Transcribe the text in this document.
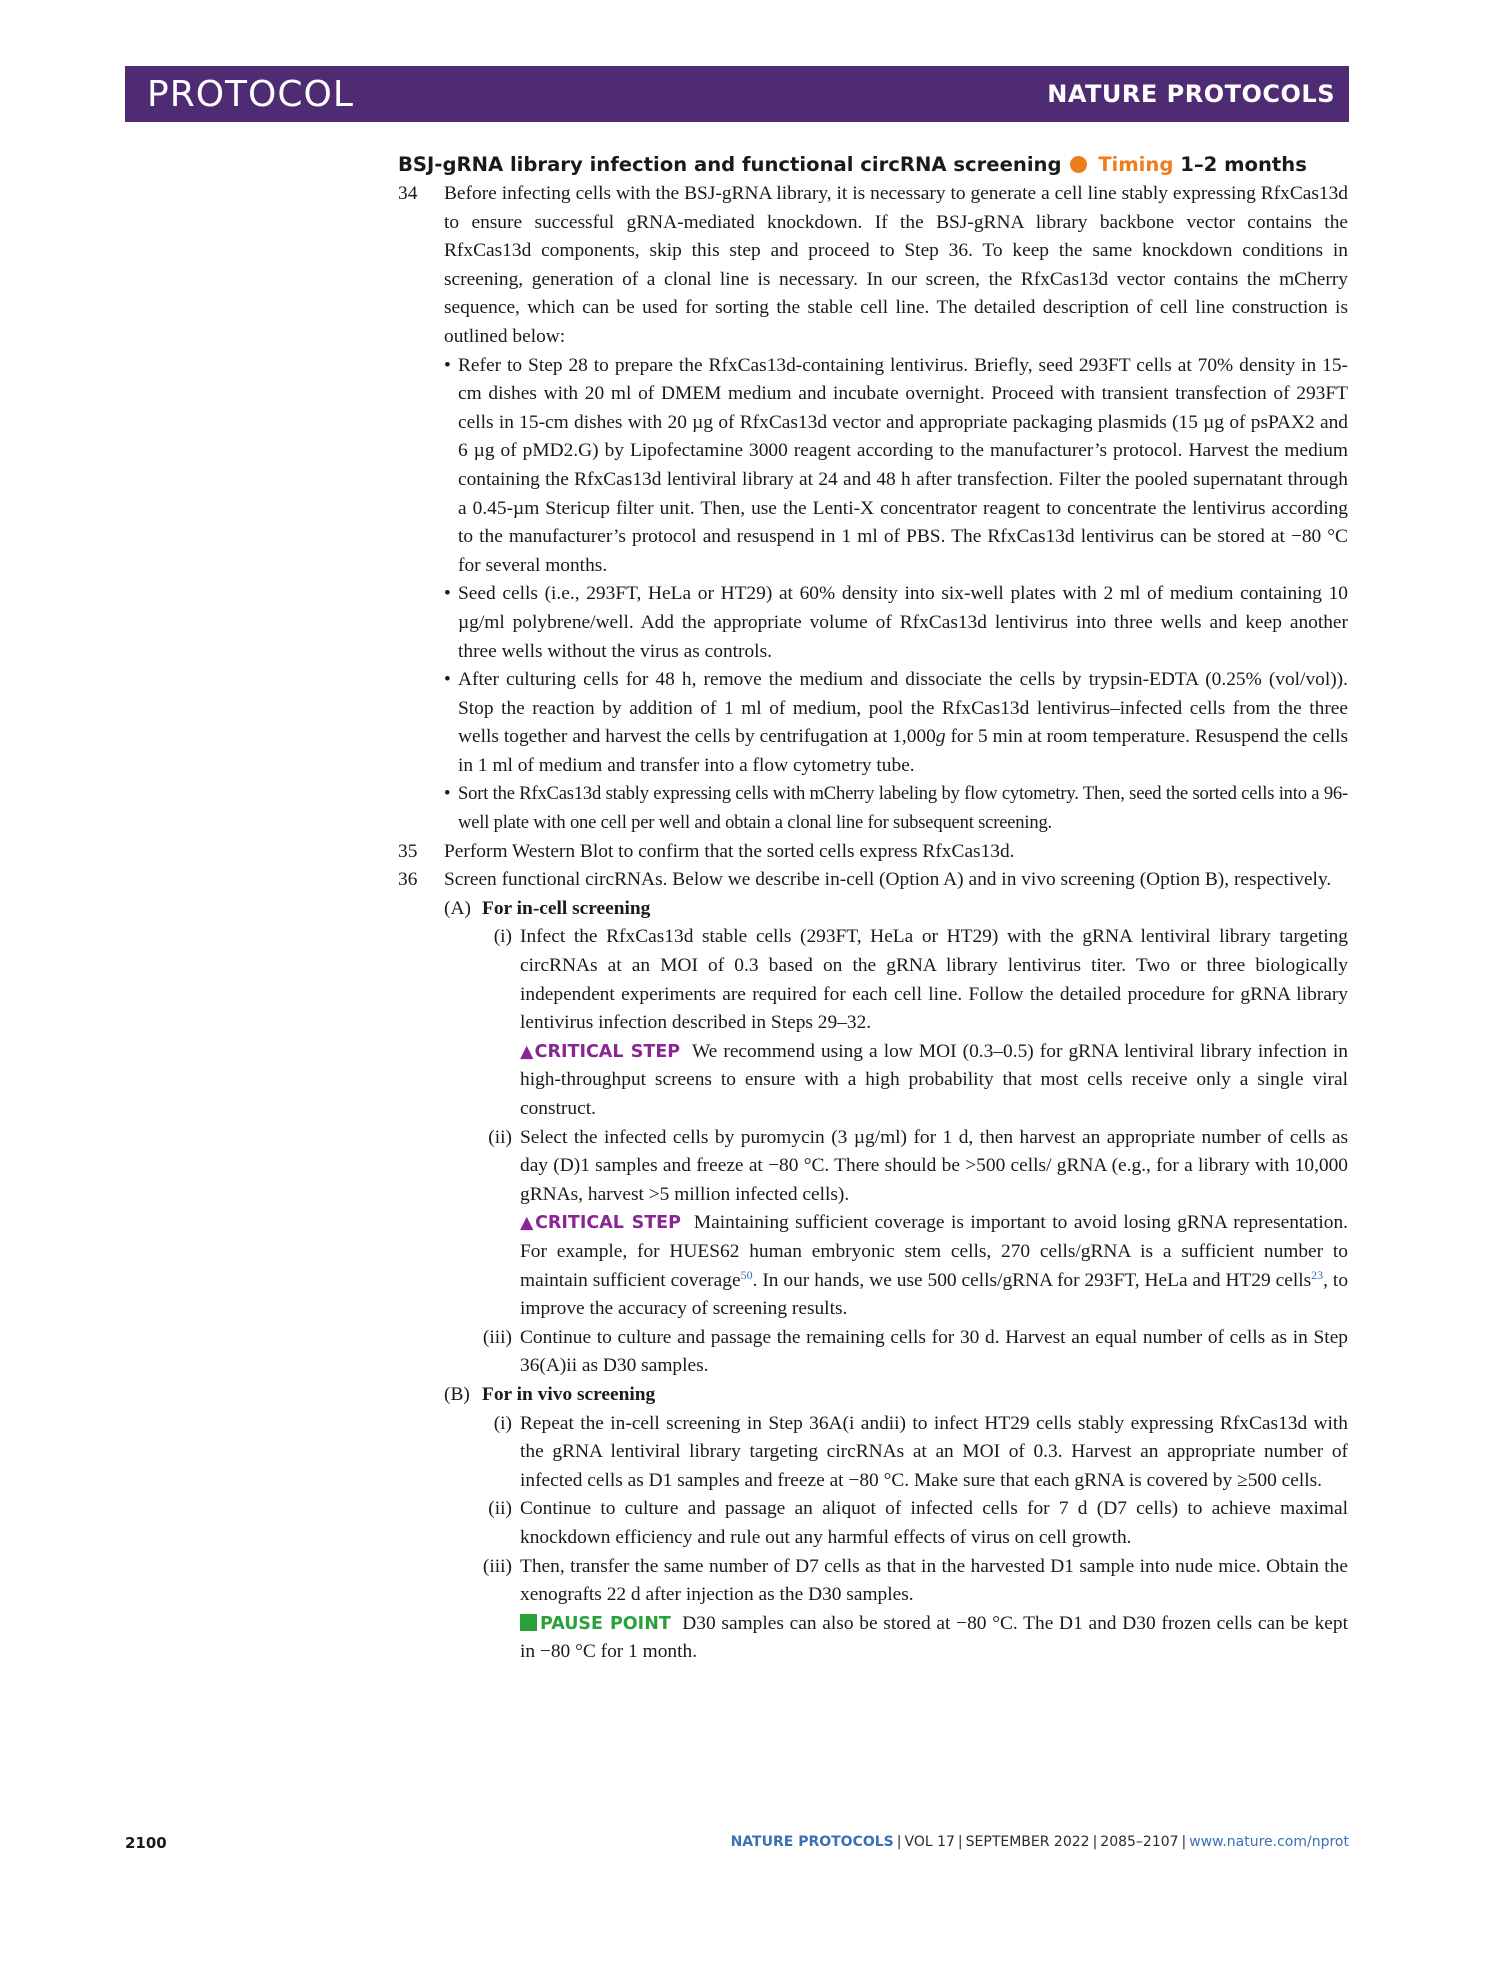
PROTOCOL	NATURE PROTOCOLS
BSJ-gRNA library infection and functional circRNA screening Timing 1–2 months
34	Before infecting cells with the BSJ-gRNA library, it is necessary to generate a cell line stably expressing RfxCas13d to ensure successful gRNA-mediated knockdown. If the BSJ-gRNA library backbone vector contains the RfxCas13d components, skip this step and proceed to Step 36. To keep the same knockdown conditions in screening, generation of a clonal line is necessary. In our screen, the RfxCas13d vector contains the mCherry sequence, which can be used for sorting the stable cell line. The detailed description of cell line construction is outlined below:
• Refer to Step 28 to prepare the RfxCas13d-containing lentivirus. Briefly, seed 293FT cells at 70% density in 15-cm dishes with 20 ml of DMEM medium and incubate overnight. Proceed with transient transfection of 293FT cells in 15-cm dishes with 20 µg of RfxCas13d vector and appropriate packaging plasmids (15 µg of psPAX2 and 6 µg of pMD2.G) by Lipofectamine 3000 reagent according to the manufacturer’s protocol. Harvest the medium containing the RfxCas13d lentiviral library at 24 and 48 h after transfection. Filter the pooled supernatant through a 0.45-µm Stericup filter unit. Then, use the Lenti-X concentrator reagent to concentrate the lentivirus according to the manufacturer’s protocol and resuspend in 1 ml of PBS. The RfxCas13d lentivirus can be stored at −80 °C for several months.
• Seed cells (i.e., 293FT, HeLa or HT29) at 60% density into six-well plates with 2 ml of medium containing 10 µg/ml polybrene/well. Add the appropriate volume of RfxCas13d lentivirus into three wells and keep another three wells without the virus as controls.
• After culturing cells for 48 h, remove the medium and dissociate the cells by trypsin-EDTA (0.25% (vol/vol)). Stop the reaction by addition of 1 ml of medium, pool the RfxCas13d lentivirus–infected cells from the three wells together and harvest the cells by centrifugation at 1,000g for 5 min at room temperature. Resuspend the cells in 1 ml of medium and transfer into a flow cytometry tube.
• Sort the RfxCas13d stably expressing cells with mCherry labeling by flow cytometry. Then, seed the sorted cells into a 96-well plate with one cell per well and obtain a clonal line for subsequent screening.
35	Perform Western Blot to confirm that the sorted cells express RfxCas13d.
36	Screen functional circRNAs. Below we describe in-cell (Option A) and in vivo screening (Option B), respectively.
(A) For in-cell screening
(i) Infect the RfxCas13d stable cells (293FT, HeLa or HT29) with the gRNA lentiviral library targeting circRNAs at an MOI of 0.3 based on the gRNA library lentivirus titer. Two or three biologically independent experiments are required for each cell line. Follow the detailed procedure for gRNA library lentivirus infection described in Steps 29–32.
▲CRITICAL STEP We recommend using a low MOI (0.3–0.5) for gRNA lentiviral library infection in high-throughput screens to ensure with a high probability that most cells receive only a single viral construct.
(ii) Select the infected cells by puromycin (3 µg/ml) for 1 d, then harvest an appropriate number of cells as day (D)1 samples and freeze at −80 °C. There should be >500 cells/ gRNA (e.g., for a library with 10,000 gRNAs, harvest >5 million infected cells).
▲CRITICAL STEP Maintaining sufficient coverage is important to avoid losing gRNA representation. For example, for HUES62 human embryonic stem cells, 270 cells/gRNA is a sufficient number to maintain sufficient coverage$^{50}$. In our hands, we use 500 cells/gRNA for 293FT, HeLa and HT29 cells$^{23}$, to improve the accuracy of screening results.
(iii) Continue to culture and passage the remaining cells for 30 d. Harvest an equal number of cells as in Step 36(A)ii as D30 samples.
(B) For in vivo screening
(i) Repeat the in-cell screening in Step 36A(i andii) to infect HT29 cells stably expressing RfxCas13d with the gRNA lentiviral library targeting circRNAs at an MOI of 0.3. Harvest an appropriate number of infected cells as D1 samples and freeze at −80 °C. Make sure that each gRNA is covered by ≥500 cells.
(ii) Continue to culture and passage an aliquot of infected cells for 7 d (D7 cells) to achieve maximal knockdown efficiency and rule out any harmful effects of virus on cell growth.
(iii) Then, transfer the same number of D7 cells as that in the harvested D1 sample into nude mice. Obtain the xenografts 22 d after injection as the D30 samples.
PAUSE POINT D30 samples can also be stored at −80 °C. The D1 and D30 frozen cells can be kept in −80 °C for 1 month.
2100	NATURE PROTOCOLS | VOL 17 | SEPTEMBER 2022 | 2085–2107 | www.nature.com/nprot
